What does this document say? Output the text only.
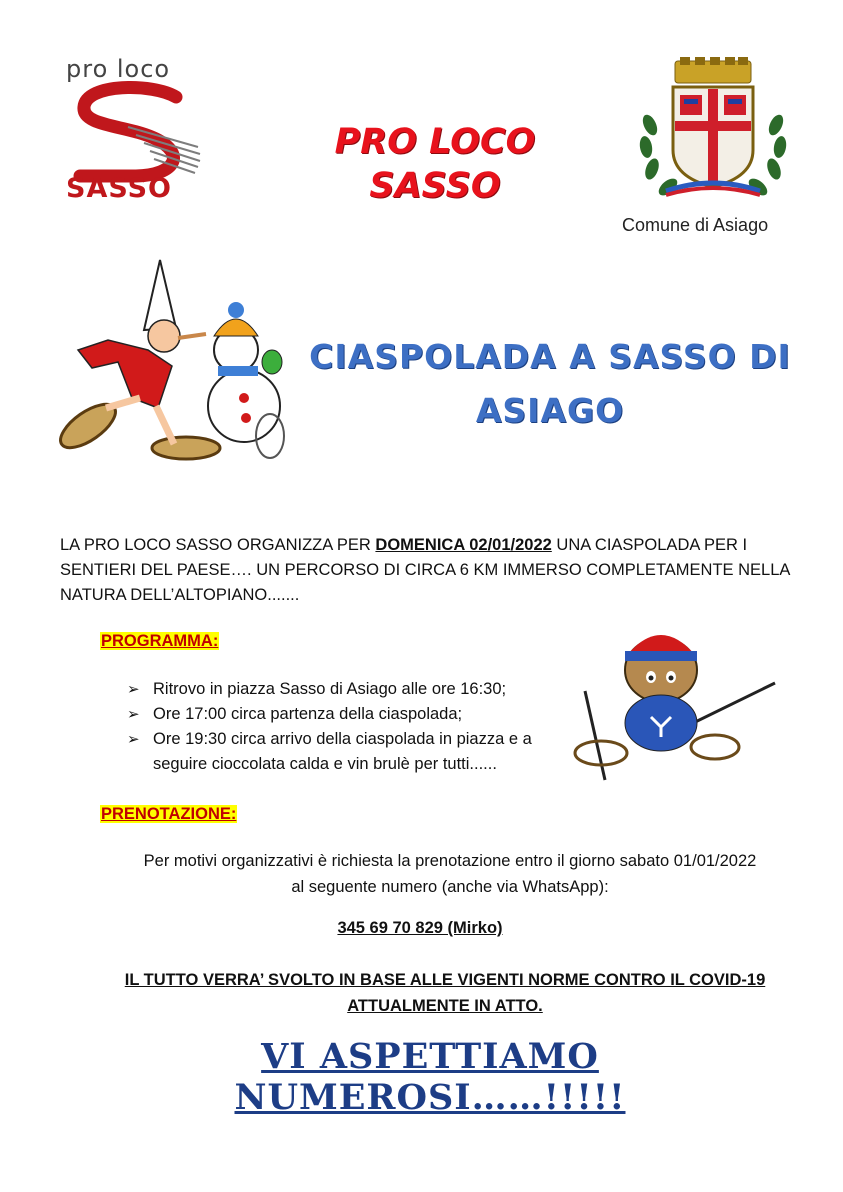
pro loco
SASSO
PRO LOCO
SASSO
Comune di Asiago
CIASPOLADA A SASSO DI
ASIAGO
LA PRO LOCO SASSO ORGANIZZA PER DOMENICA 02/01/2022 UNA CIASPOLADA PER I SENTIERI DEL PAESE…. UN PERCORSO DI CIRCA 6 KM IMMERSO COMPLETAMENTE NELLA NATURA DELL’ALTOPIANO.......
PROGRAMMA:
➢ Ritrovo in piazza Sasso di Asiago alle ore 16:30;
➢ Ore 17:00 circa partenza della ciaspolada;
➢ Ore 19:30 circa arrivo della ciaspolada in piazza e a seguire cioccolata calda e vin brulè per tutti......
PRENOTAZIONE:
Per motivi organizzativi è richiesta la prenotazione entro il giorno sabato 01/01/2022
al seguente numero (anche via WhatsApp):
345 69 70 829 (Mirko)
IL TUTTO VERRA’ SVOLTO IN BASE ALLE VIGENTI NORME CONTRO IL COVID-19
ATTUALMENTE IN ATTO.
VI ASPETTIAMO NUMEROSI……!!!!!
